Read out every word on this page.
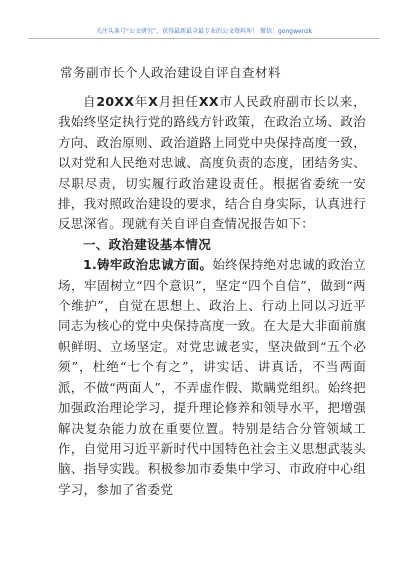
关注头条号“公文研究”，获得最新最全最专业的公文资料库！ 微信：gongwenzk
常务副市长个人政治建设自评自查材料

自20XX年X月担任XX市人民政府副市长以来，我始终坚定执行党的路线方针政策，在政治立场、政治方向、政治原则、政治道路上同党中央保持高度一致，以对党和人民绝对忠诚、高度负责的态度，团结务实、尽职尽责，切实履行政治建设责任。根据省委统一安排，我对照政治建设的要求，结合自身实际，认真进行反思深省。现就有关自评自查情况报告如下：

一、政治建设基本情况

1.铸牢政治忠诚方面。始终保持绝对忠诚的政治立场，牢固树立“四个意识”，坚定“四个自信”，做到“两个维护”，自觉在思想上、政治上、行动上同以习近平同志为核心的党中央保持高度一致。在大是大非面前旗帜鲜明、立场坚定。对党忠诚老实，坚决做到“五个必须”，杜绝“七个有之”，讲实话、讲真话，不当两面派，不做“两面人”，不弄虚作假、欺瞒党组织。始终把加强政治理论学习，提升理论修养和领导水平，把增强解决复杂能力放在重要位置。特别是结合分管领域工作，自觉用习近平新时代中国特色社会主义思想武装头脑、指导实践。积极参加市委集中学习、市政府中心组学习，参加了省委党
